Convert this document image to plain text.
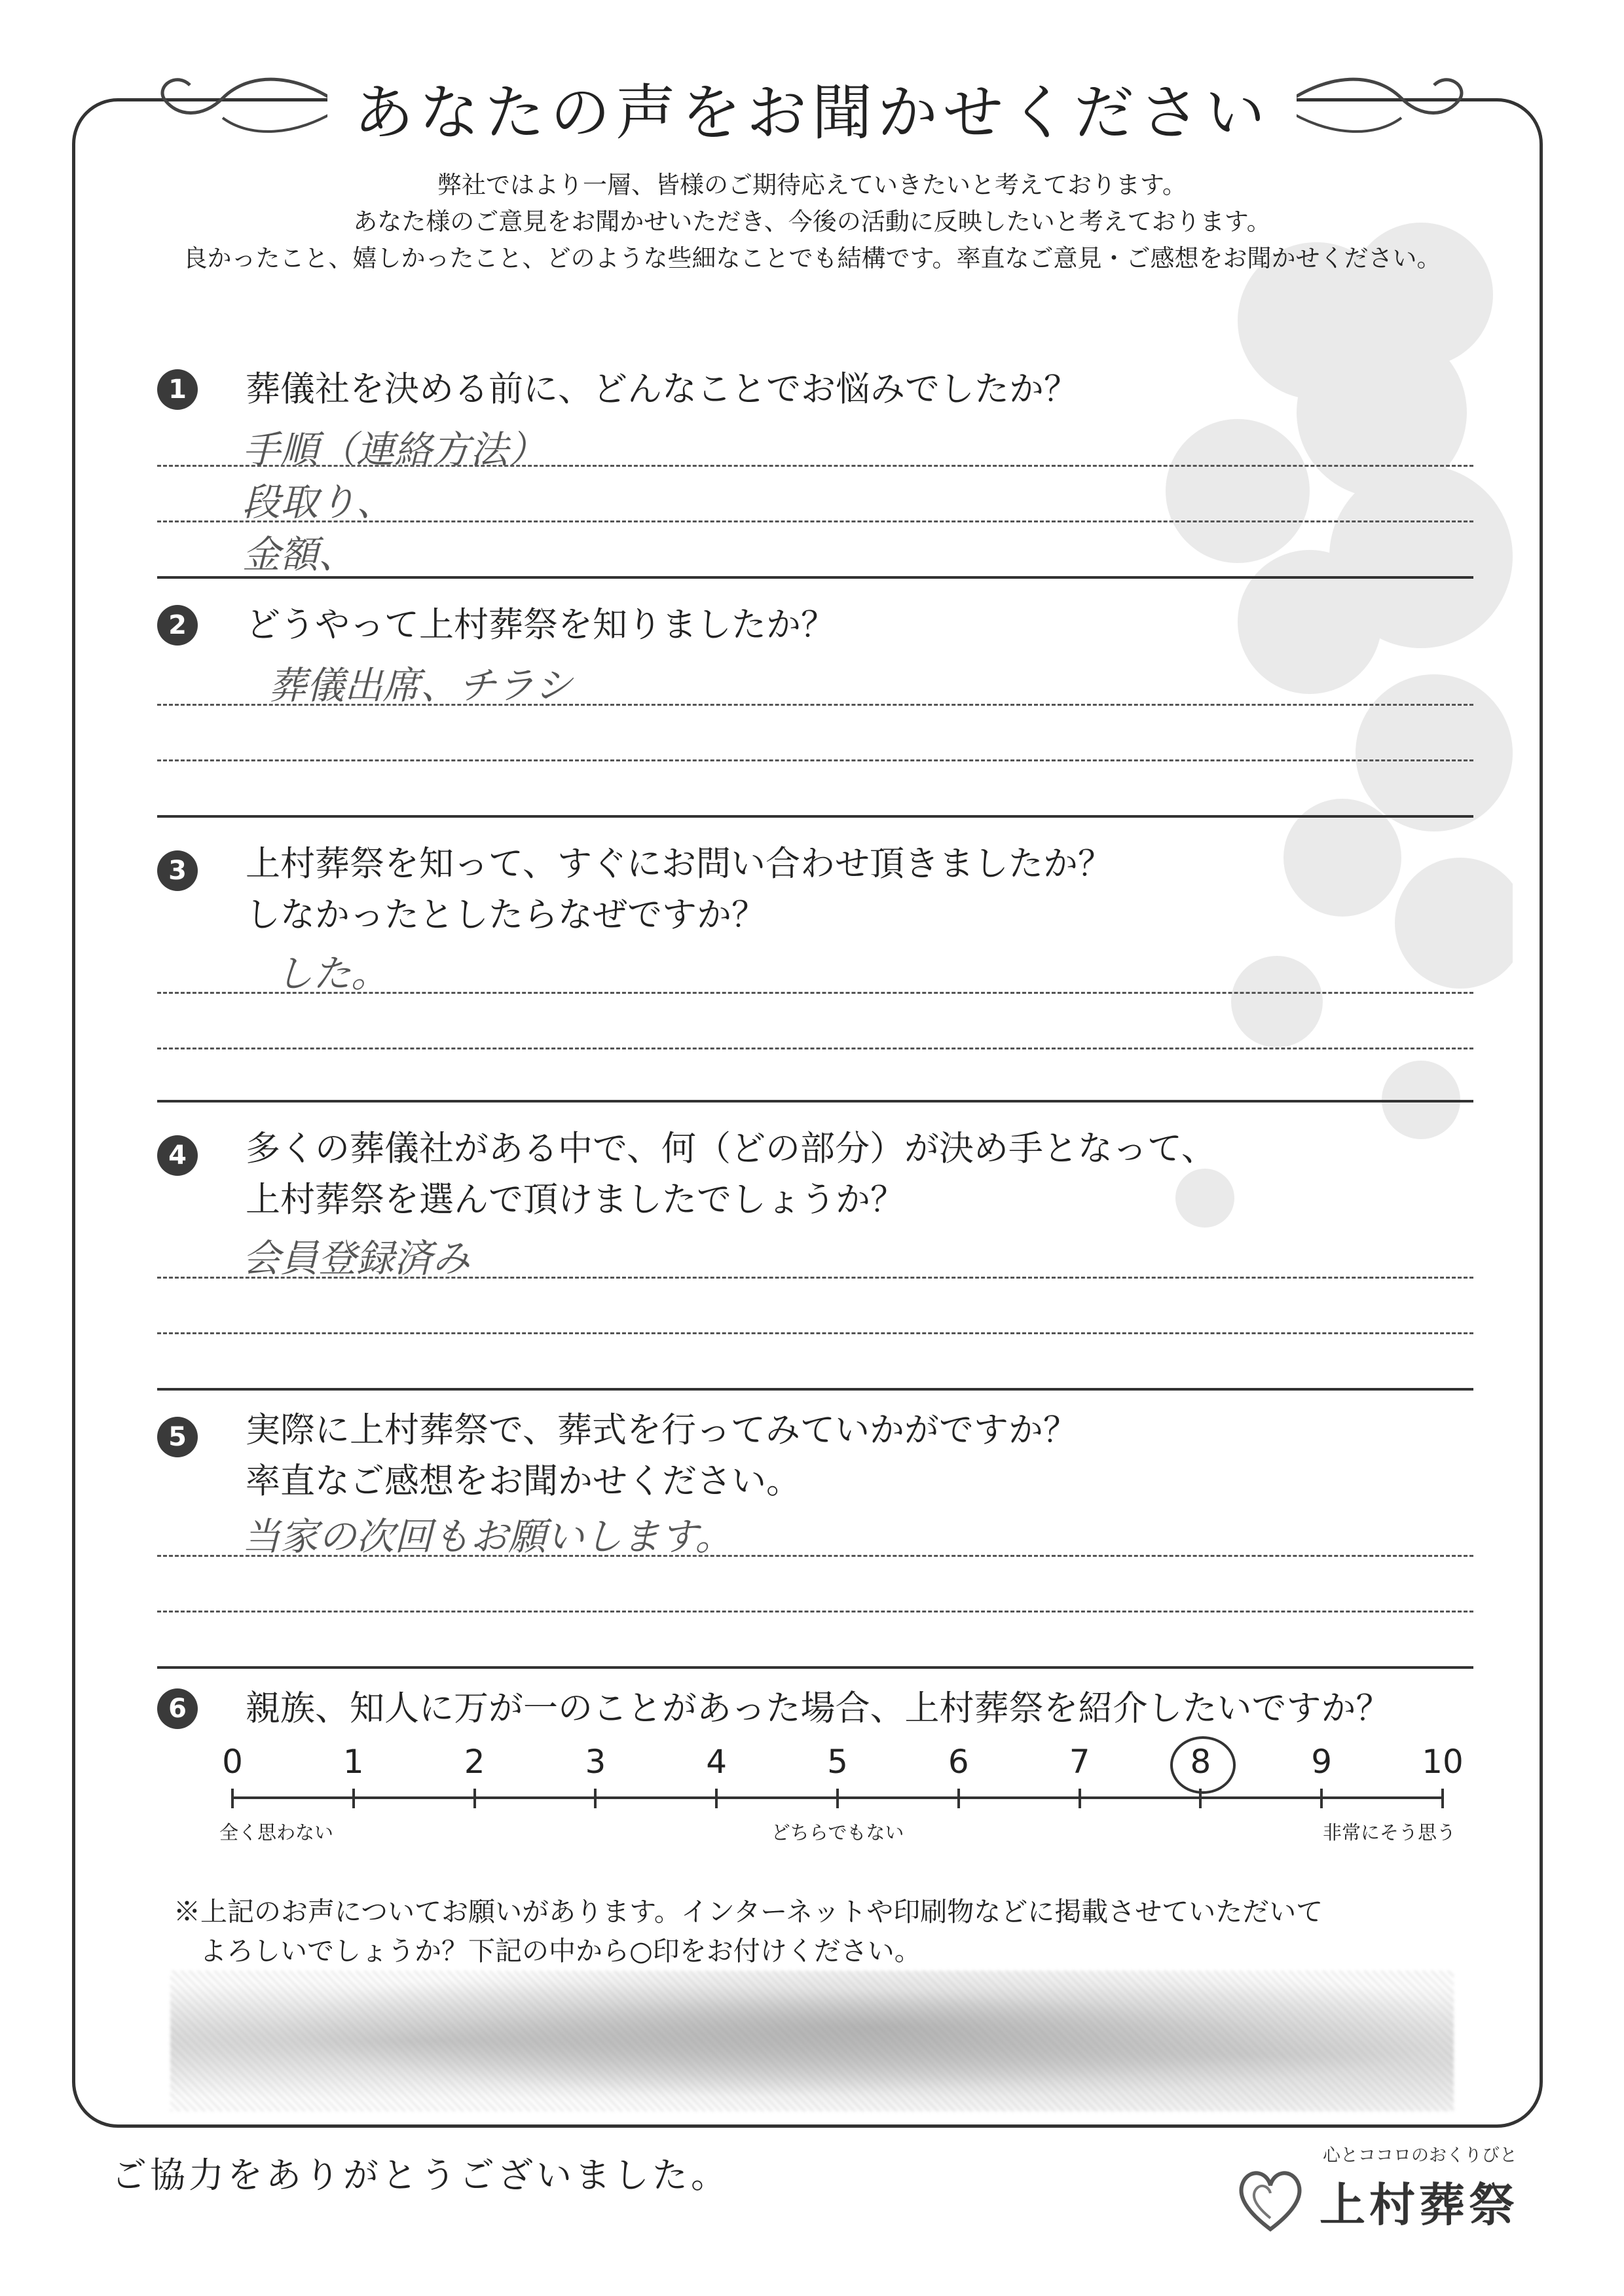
あなたの声をお聞かせください
弊社ではより一層、皆様のご期待応えていきたいと考えております。
あなた様のご意見をお聞かせいただき、今後の活動に反映したいと考えております。
良かったこと、嬉しかったこと、どのような些細なことでも結構です。率直なご意見・ご感想をお聞かせください。
1	葬儀社を決める前に、どんなことでお悩みでしたか？
手順（連絡方法）
段取り、
金額、
2	どうやって上村葬祭を知りましたか？
葬儀出席、チラシ
3	上村葬祭を知って、すぐにお問い合わせ頂きましたか？
しなかったとしたらなぜですか？
した。
4	多くの葬儀社がある中で、何（どの部分）が決め手となって、
上村葬祭を選んで頂けましたでしょうか？
会員登録済み
5	実際に上村葬祭で、葬式を行ってみていかがですか？
率直なご感想をお聞かせください。
当家の次回もお願いします。
6	親族、知人に万が一のことがあった場合、上村葬祭を紹介したいですか？
0	1	2	3	4	5	6	7	8	9	10
全く思わない	どちらでもない	非常にそう思う
※上記のお声についてお願いがあります。インターネットや印刷物などに掲載させていただいて
よろしいでしょうか？下記の中から○印をお付けください。
ご協力をありがとうございました。	心とココロのおくりびと
上村葬祭
